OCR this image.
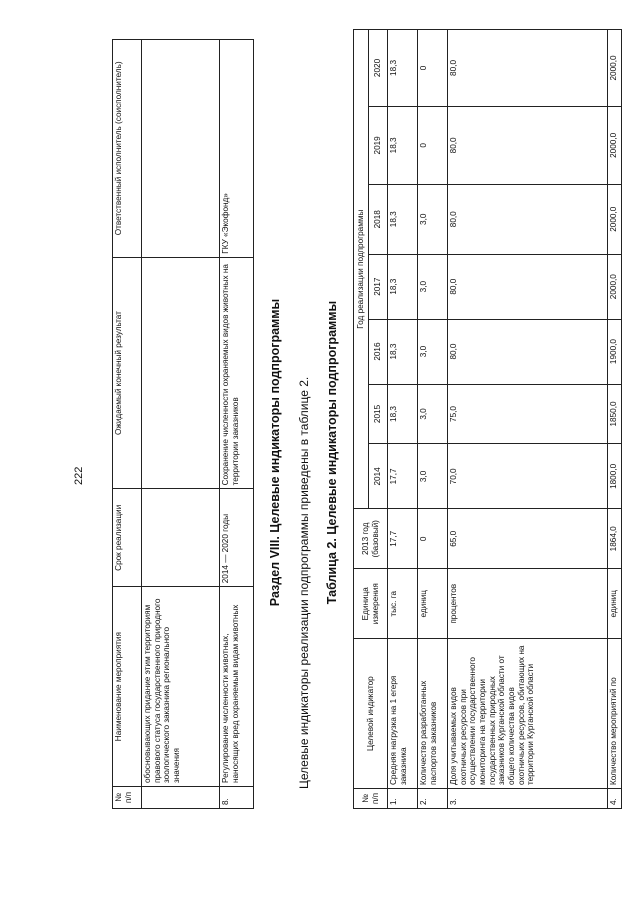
222
№ п/п	Наименование мероприятия	Срок реализации	Ожидаемый конечный результат	Ответственный исполнитель (соисполнитель)
	обосновывающих придание этим территориям правового статуса государственного природного зоологического заказника регионального значения			
8.	Регулирование численности животных, наносящих вред охраняемым видам животных	2014 — 2020 годы	Сохранение численности охраняемых видов животных на территории заказников	ГКУ «Экофонд»
Раздел VIII. Целевые индикаторы подпрограммы Целевые индикаторы реализации подпрограммы приведены в таблице 2. Таблица 2. Целевые индикаторы подпрограммы
№ п/п	Целевой индикатор	Единица измерения	2013 год (базовый)	Год реализации подпрограммы						
				2014	2015	2016	2017	2018	2019	2020
1.	Средняя нагрузка на 1 егеря заказника	тыс. га	17,7	17,7	18,3	18,3	18,3	18,3	18,3	18,3
2.	Количество разработанных паспортов заказников	единиц	0	3,0	3,0	3,0	3,0	3,0	0	0
3.	Доля учитываемых видов охотничьих ресурсов при осуществлении государственного мониторинга на территории государственных природных заказников Курганской области от общего количества видов охотничьих ресурсов, обитающих на территории Курганской области	процентов	65,0	70,0	75,0	80,0	80,0	80,0	80,0	80,0
4.	Количество мероприятий по	единиц	1864,0	1800,0	1850,0	1900,0	2000,0	2000,0	2000,0	2000,0
